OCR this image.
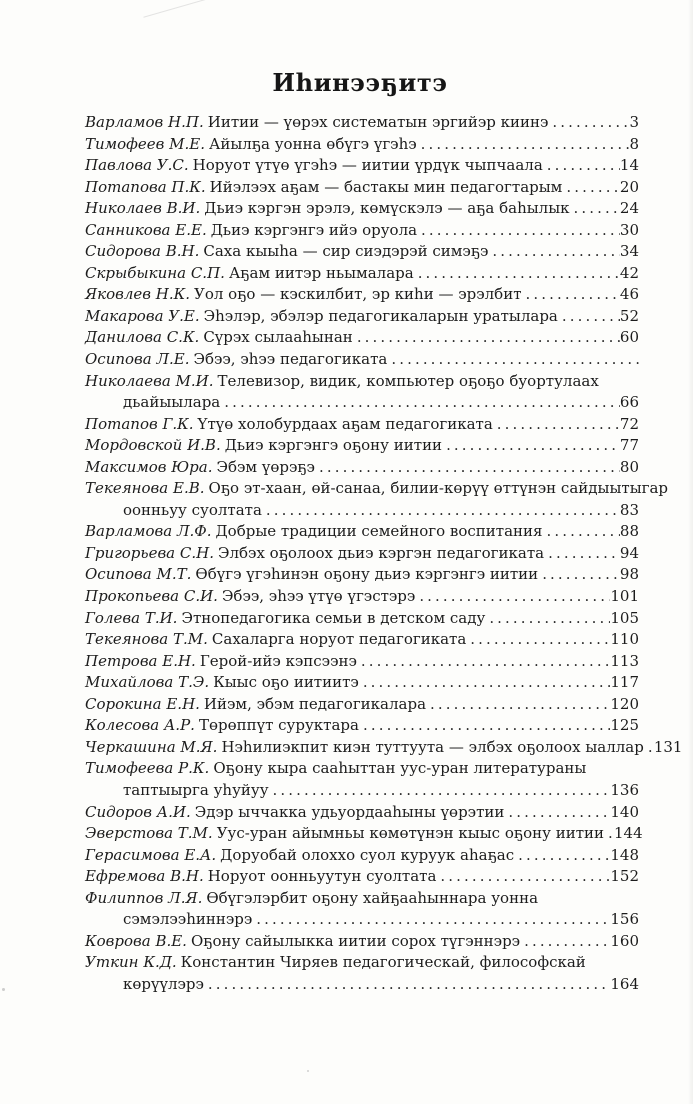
Иһинээҕитэ
Варламов Н.П. Иитии — үөрэх систематын эргийэр киинэ .....	3
Тимофеев М.Е. Айылҕа уонна өбүгэ үгэһэ .....	8
Павлова У.С. Норуот үтүө үгэһэ — иитии үрдүк чыпчаала .....	14
Потапова П.К. Ийэлээх аҕам — бастакы мин педагогтарым .....	20
Николаев В.И. Дьиэ кэргэн эрэлэ, көмүскэлэ — аҕа баһылык .....	24
Санникова Е.Е. Дьиэ кэргэнгэ ийэ оруола .....	30
Сидорова В.Н. Саха кыыһа — сир сиэдэрэй симэҕэ .....	34
Скрыбыкина С.П. Аҕам иитэр ньымалара .....	42
Яковлев Н.К. Уол оҕо — кэскилбит, эр киһи — эрэлбит .....	46
Макарова У.Е. Эһэлэр, эбэлэр педагогикаларын уратылара .....	52
Данилова С.К. Сүрэх сылааһынан .....	60
Осипова Л.Е. Эбээ, эһээ педагогиката
.....
Николаева М.И. Телевизор, видик, компьютер оҕоҕо буортулаах
дьайыылара .....	66
Потапов Г.К. Үтүө холобурдаах аҕам педагогиката .....	72
Мордовской И.В. Дьиэ кэргэнгэ оҕону иитии .....	77
Максимов Юра. Эбэм үөрэҕэ .....	80
Текеянова Е.В. Оҕо эт-хаан, өй-санаа, билии-көрүү өттүнэн сайдыытыгар
оонньуу суолтата .....	83
Варламова Л.Ф. Добрые традиции семейного воспитания .....	88
Григорьева С.Н. Элбэх оҕолоох дьиэ кэргэн педагогиката .....	94
Осипова М.Т. Өбүгэ үгэһинэн оҕону дьиэ кэргэнгэ иитии .....	98
Прокопьева С.И. Эбээ, эһээ үтүө үгэстэрэ .....	101
Голева Т.И. Этнопедагогика семьи в детском саду .....	105
Текеянова Т.М. Сахаларга норуот педагогиката .....	110
Петрова Е.Н. Герой-ийэ кэпсээнэ .....	113
Михайлова Т.Э. Кыыс оҕо иитиитэ .....	117
Сорокина Е.Н. Ийэм, эбэм педагогикалара .....	120
Колесова А.Р. Төрөппүт суруктара .....	125
Черкашина М.Я. Нэһилиэкпит киэн туттуута — элбэх оҕолоох ыаллар ..... 131
Тимофеева Р.К. Оҕону кыра сааһыттан уус-уран литератураны
таптыырга уһуйуу .....	136
Сидоров А.И. Эдэр ыччакка удьуордааһыны үөрэтии .....	140
Эверстова Т.М. Уус-уран айымньы көмөтүнэн кыыс оҕону иитии ..... 144
Герасимова Е.А. Доруобай олоххо суол куруук аһаҕас .....	148
Ефремова В.Н. Норуот оонньуутун суолтата .....	152
Филиппов Л.Я. Өбүгэлэрбит оҕону хайҕааһыннара уонна
сэмэлээһиннэрэ .....	156
Коврова В.Е. Оҕону сайылыкка иитии сорох түгэннэрэ .....	160
Уткин К.Д. Константин Чиряев педагогическай, философскай
көрүүлэрэ .....	164
